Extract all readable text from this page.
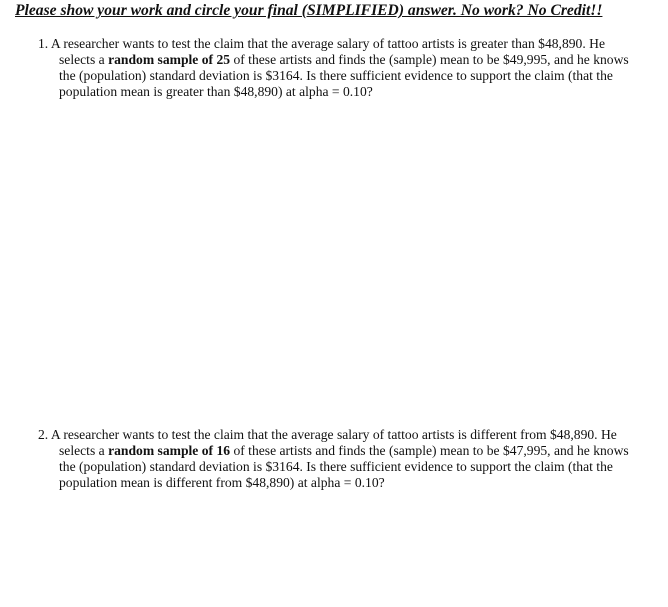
Please show your work and circle your final (SIMPLIFIED) answer. No work? No Credit!!
1. A researcher wants to test the claim that the average salary of tattoo artists is greater than $48,890. He
selects a random sample of 25 of these artists and finds the (sample) mean to be $49,995, and he knows
the (population) standard deviation is $3164. Is there sufficient evidence to support the claim (that the
population mean is greater than $48,890) at alpha = 0.10?
2. A researcher wants to test the claim that the average salary of tattoo artists is different from $48,890. He
selects a random sample of 16 of these artists and finds the (sample) mean to be $47,995, and he knows
the (population) standard deviation is $3164. Is there sufficient evidence to support the claim (that the
population mean is different from $48,890) at alpha = 0.10?
